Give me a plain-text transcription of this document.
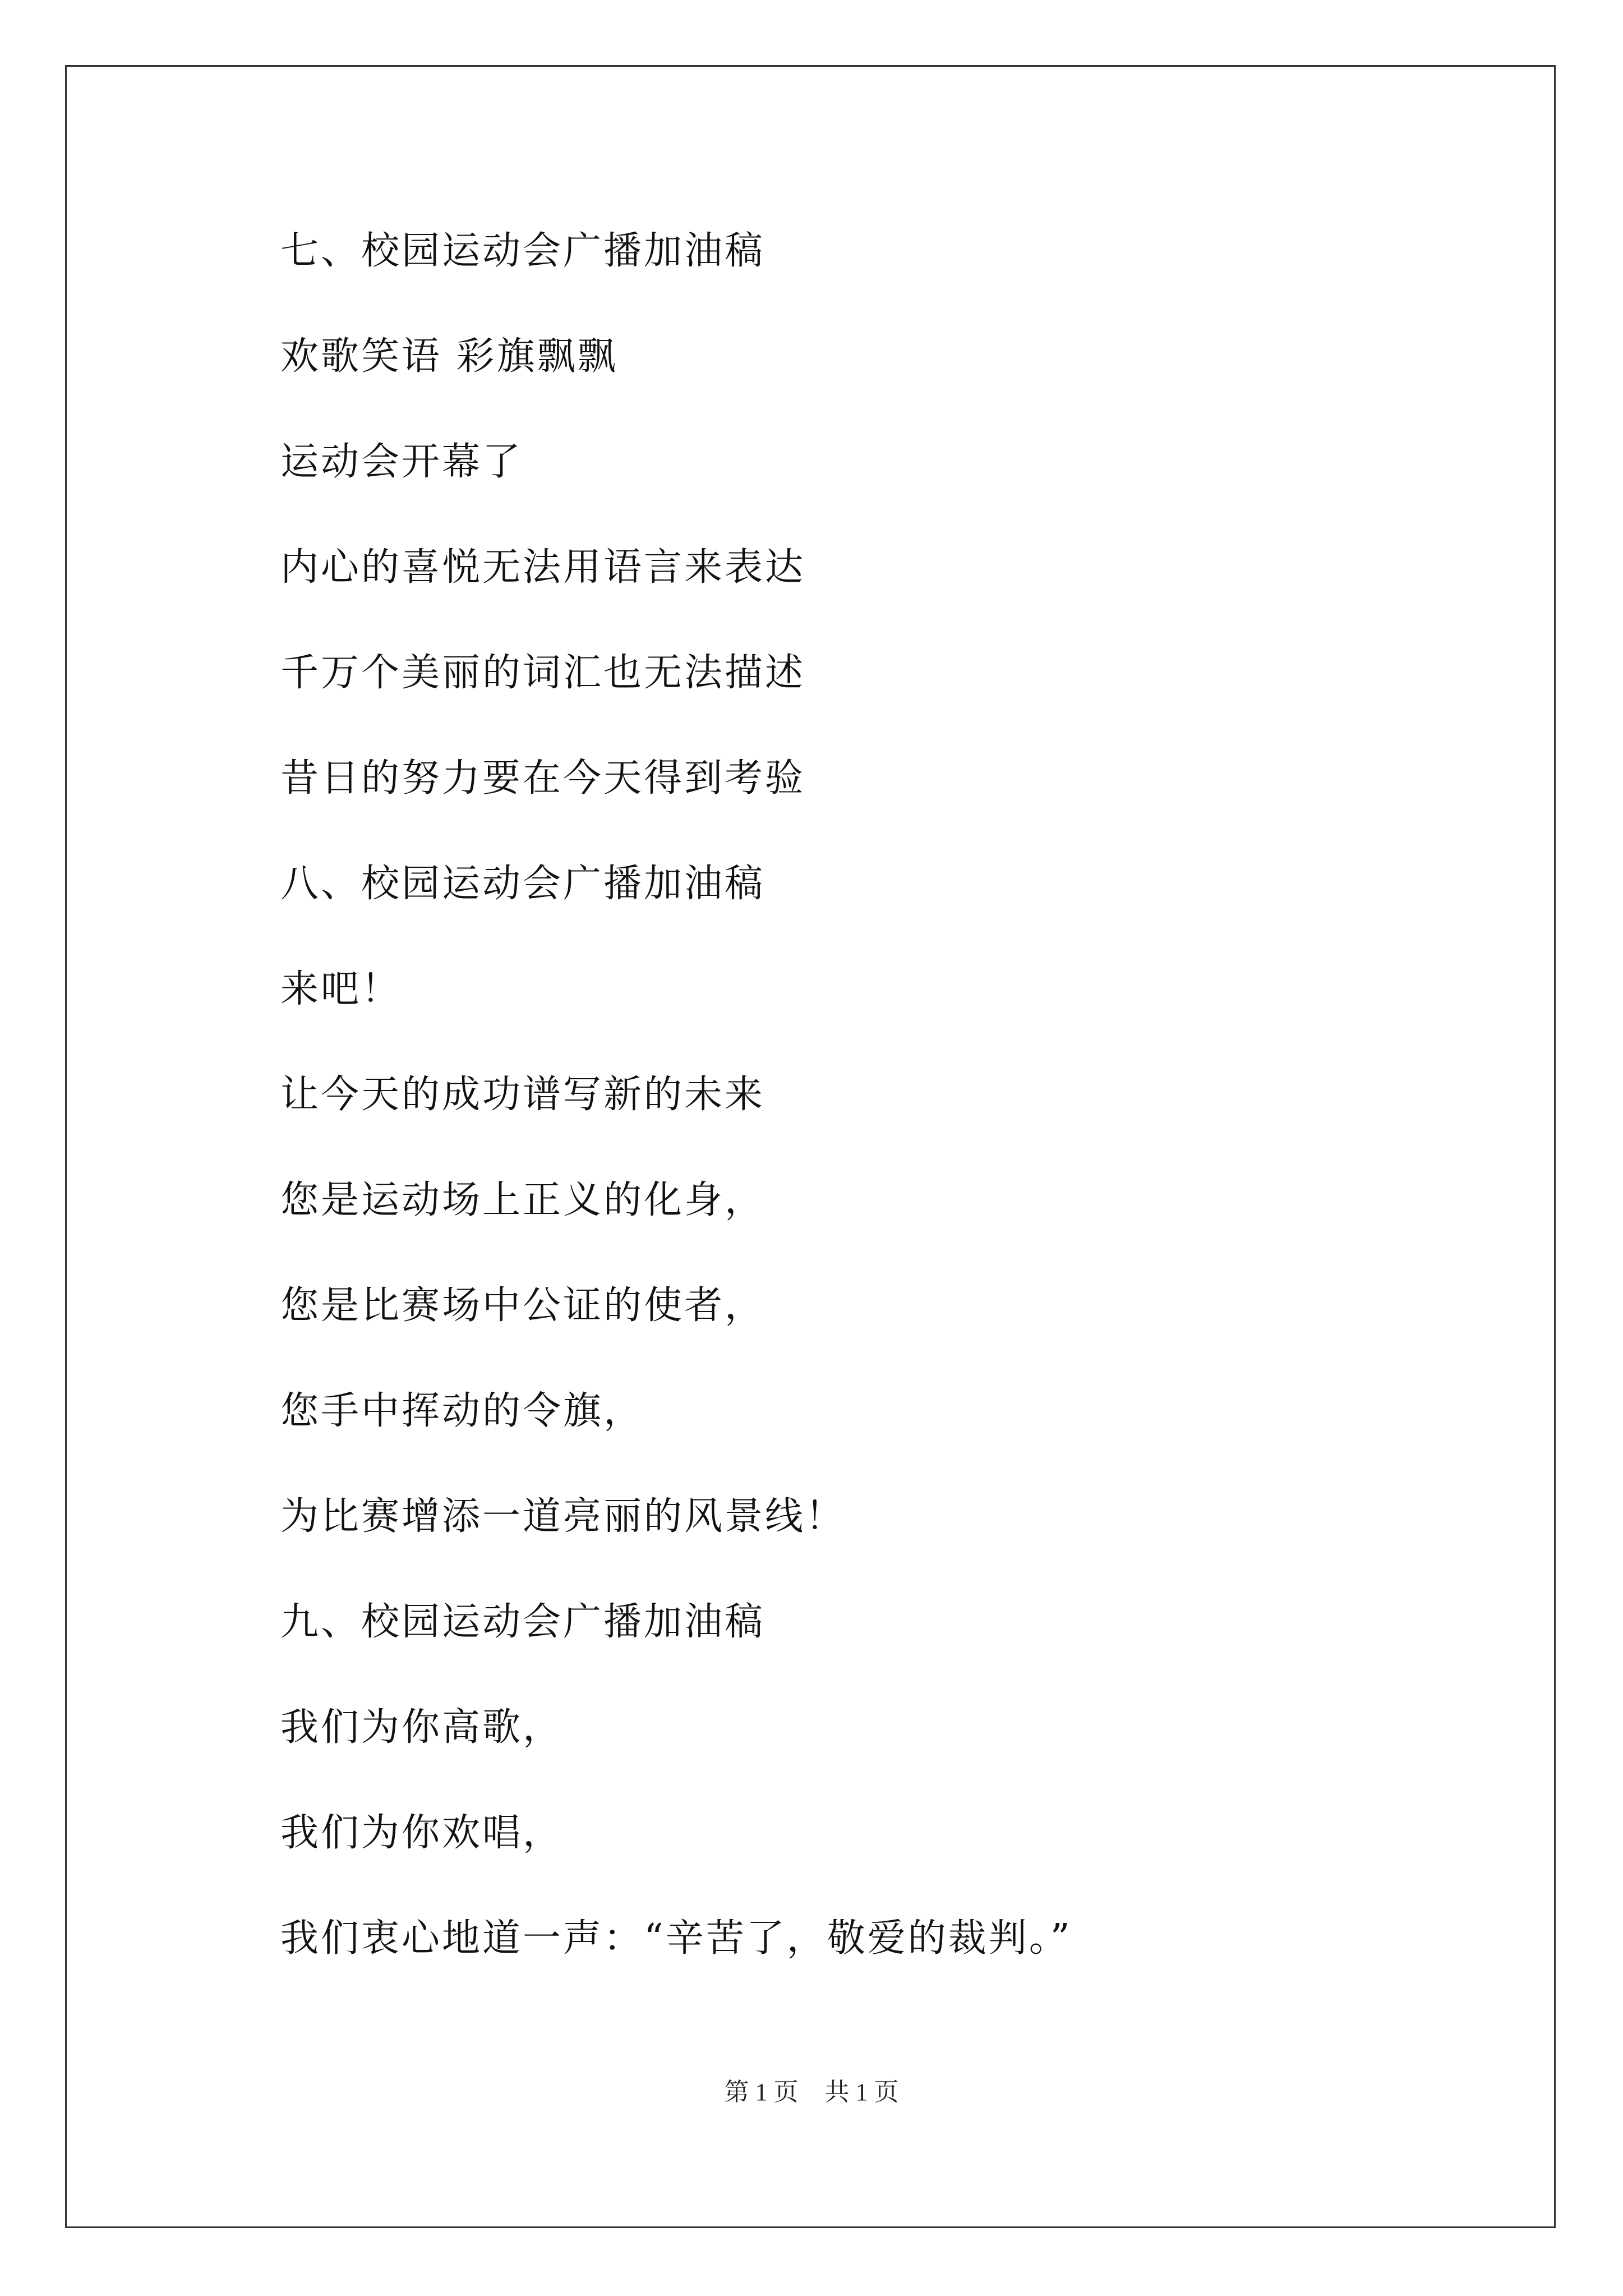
七、校园运动会广播加油稿
欢歌笑语 彩旗飘飘
运动会开幕了
内心的喜悦无法用语言来表达
千万个美丽的词汇也无法描述
昔日的努力要在今天得到考验
八、校园运动会广播加油稿
来吧！
让今天的成功谱写新的未来
您是运动场上正义的化身，
您是比赛场中公证的使者，
您手中挥动的令旗，
为比赛增添一道亮丽的风景线！
九、校园运动会广播加油稿
我们为你高歌，
我们为你欢唱，
我们衷心地道一声：“辛苦了，敬爱的裁判。”
第 1 页 共 1 页
